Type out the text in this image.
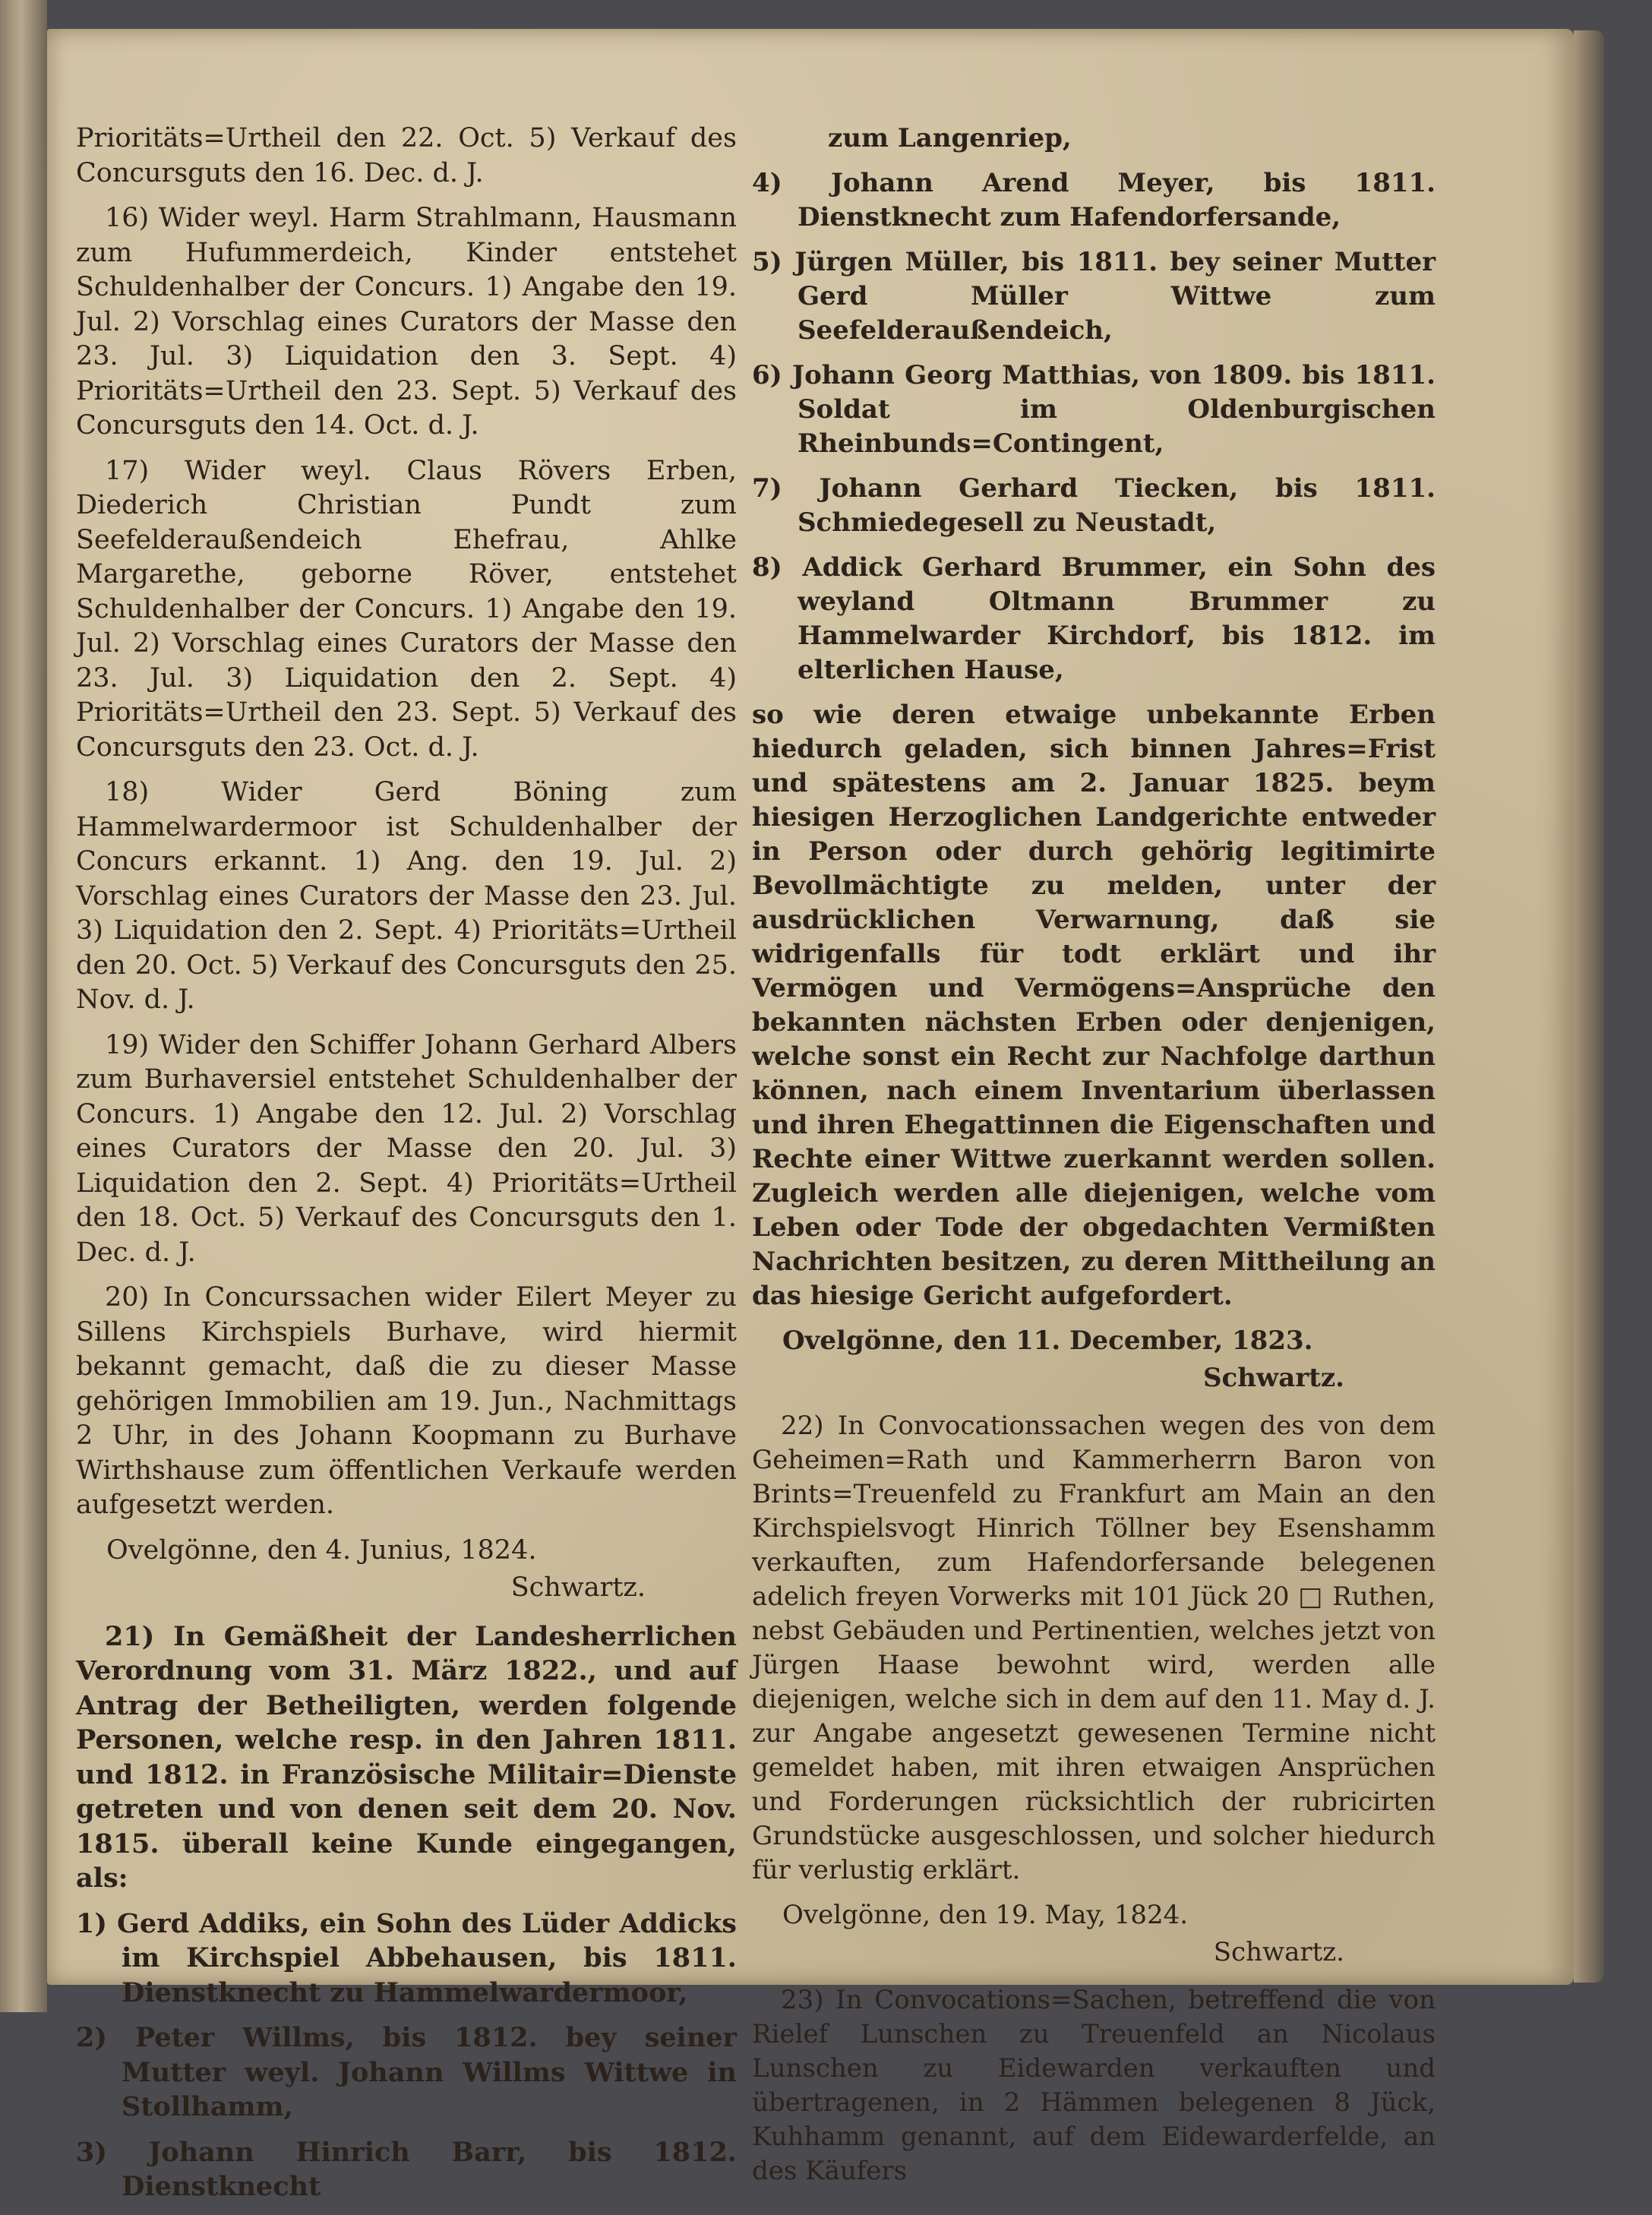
Prioritäts=Urtheil den 22. Oct. 5) Verkauf des Concursguts den 16. Dec. d. J.

16) Wider weyl. Harm Strahlmann, Hausmann zum Hufummerdeich, Kinder entstehet Schuldenhalber der Concurs. 1) Angabe den 19. Jul. 2) Vorschlag eines Curators der Masse den 23. Jul. 3) Liquidation den 3. Sept. 4) Prioritäts=Urtheil den 23. Sept. 5) Verkauf des Concursguts den 14. Oct. d. J.

17) Wider weyl. Claus Rövers Erben, Diederich Christian Pundt zum Seefelderaußendeich Ehefrau, Ahlke Margarethe, geborne Röver, entstehet Schuldenhalber der Concurs. 1) Angabe den 19. Jul. 2) Vorschlag eines Curators der Masse den 23. Jul. 3) Liquidation den 2. Sept. 4) Prioritäts=Urtheil den 23. Sept. 5) Verkauf des Concursguts den 23. Oct. d. J.

18) Wider Gerd Böning zum Hammelwardermoor ist Schuldenhalber der Concurs erkannt. 1) Ang. den 19. Jul. 2) Vorschlag eines Curators der Masse den 23. Jul. 3) Liquidation den 2. Sept. 4) Prioritäts=Urtheil den 20. Oct. 5) Verkauf des Concursguts den 25. Nov. d. J.

19) Wider den Schiffer Johann Gerhard Albers zum Burhaversiel entstehet Schuldenhalber der Concurs. 1) Angabe den 12. Jul. 2) Vorschlag eines Curators der Masse den 20. Jul. 3) Liquidation den 2. Sept. 4) Prioritäts=Urtheil den 18. Oct. 5) Verkauf des Concursguts den 1. Dec. d. J.

20) In Concurssachen wider Eilert Meyer zu Sillens Kirchspiels Burhave, wird hiermit bekannt gemacht, daß die zu dieser Masse gehörigen Immobilien am 19. Jun., Nachmittags 2 Uhr, in des Johann Koopmann zu Burhave Wirthshause zum öffentlichen Verkaufe werden aufgesetzt werden.

Ovelgönne, den 4. Junius, 1824.

Schwartz.

21) In Gemäßheit der Landesherrlichen Verordnung vom 31. März 1822., und auf Antrag der Betheiligten, werden folgende Personen, welche resp. in den Jahren 1811. und 1812. in Französische Militair=Dienste getreten und von denen seit dem 20. Nov. 1815. überall keine Kunde eingegangen, als:

1) Gerd Addiks, ein Sohn des Lüder Addicks im Kirchspiel Abbehausen, bis 1811. Dienstknecht zu Hammelwardermoor,

2) Peter Willms, bis 1812. bey seiner Mutter weyl. Johann Willms Wittwe in Stollhamm,

3) Johann Hinrich Barr, bis 1812. Dienstknecht

zum Langenriep,

4) Johann Arend Meyer, bis 1811. Dienstknecht zum Hafendorfersande,

5) Jürgen Müller, bis 1811. bey seiner Mutter Gerd Müller Wittwe zum Seefelderaußendeich,

6) Johann Georg Matthias, von 1809. bis 1811. Soldat im Oldenburgischen Rheinbunds=Contingent,

7) Johann Gerhard Tiecken, bis 1811. Schmiedegesell zu Neustadt,

8) Addick Gerhard Brummer, ein Sohn des weyland Oltmann Brummer zu Hammelwarder Kirchdorf, bis 1812. im elterlichen Hause,

so wie deren etwaige unbekannte Erben hiedurch geladen, sich binnen Jahres=Frist und spätestens am 2. Januar 1825. beym hiesigen Herzoglichen Landgerichte entweder in Person oder durch gehörig legitimirte Bevollmächtigte zu melden, unter der ausdrücklichen Verwarnung, daß sie widrigenfalls für todt erklärt und ihr Vermögen und Vermögens=Ansprüche den bekannten nächsten Erben oder denjenigen, welche sonst ein Recht zur Nachfolge darthun können, nach einem Inventarium überlassen und ihren Ehegattinnen die Eigenschaften und Rechte einer Wittwe zuerkannt werden sollen. Zugleich werden alle diejenigen, welche vom Leben oder Tode der obgedachten Vermißten Nachrichten besitzen, zu deren Mittheilung an das hiesige Gericht aufgefordert.

Ovelgönne, den 11. December, 1823.

Schwartz.

22) In Convocationssachen wegen des von dem Geheimen=Rath und Kammerherrn Baron von Brints=Treuenfeld zu Frankfurt am Main an den Kirchspielsvogt Hinrich Töllner bey Esenshamm verkauften, zum Hafendorfersande belegenen adelich freyen Vorwerks mit 101 Jück 20 □ Ruthen, nebst Gebäuden und Pertinentien, welches jetzt von Jürgen Haase bewohnt wird, werden alle diejenigen, welche sich in dem auf den 11. May d. J. zur Angabe angesetzt gewesenen Termine nicht gemeldet haben, mit ihren etwaigen Ansprüchen und Forderungen rücksichtlich der rubricirten Grundstücke ausgeschlossen, und solcher hiedurch für verlustig erklärt.

Ovelgönne, den 19. May, 1824.

Schwartz.

23) In Convocations=Sachen, betreffend die von Rielef Lunschen zu Treuenfeld an Nicolaus Lunschen zu Eidewarden verkauften und übertragenen, in 2 Hämmen belegenen 8 Jück, Kuhhamm genannt, auf dem Eidewarderfelde, an des Käufers
